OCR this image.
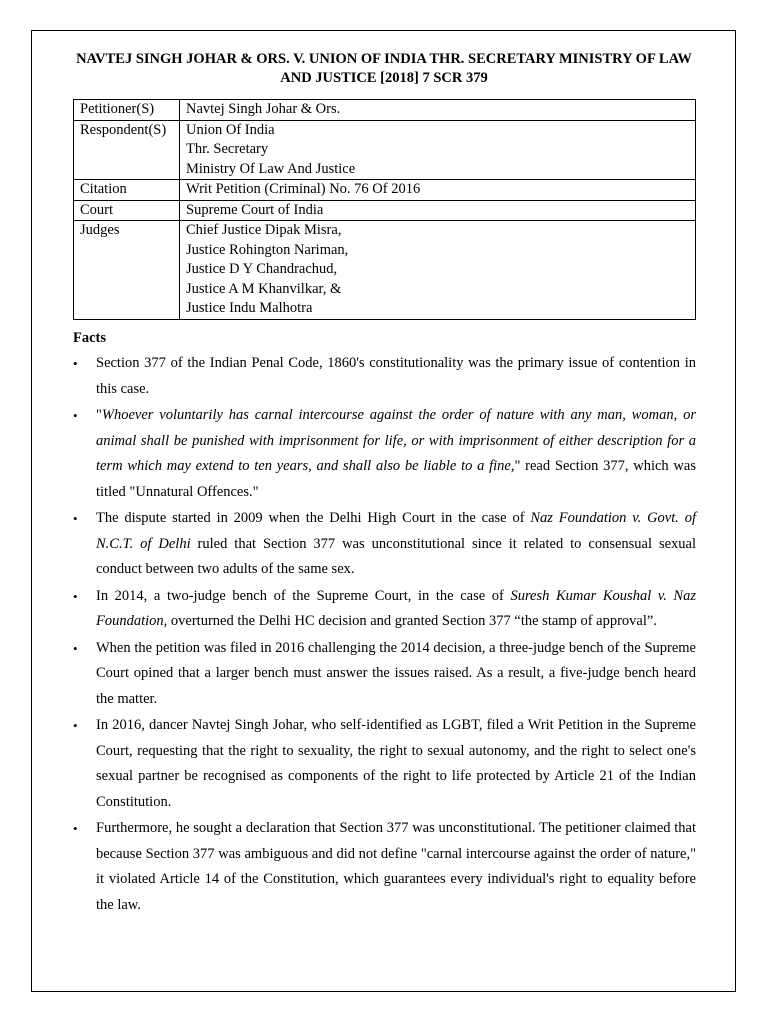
NAVTEJ SINGH JOHAR & ORS. V. UNION OF INDIA THR. SECRETARY MINISTRY OF LAW AND JUSTICE [2018] 7 SCR 379
Petitioner(S)	Navtej Singh Johar & Ors.

Respondent(S)	Union Of India
Thr. Secretary
Ministry Of Law And Justice

Citation	Writ Petition (Criminal) No. 76 Of 2016

Court	Supreme Court of India

Judges	Chief Justice Dipak Misra,
Justice Rohington Nariman,
Justice D Y Chandrachud,
Justice A M Khanvilkar, &
Justice Indu Malhotra
Facts
• Section 377 of the Indian Penal Code, 1860's constitutionality was the primary issue of contention in this case.

• "Whoever voluntarily has carnal intercourse against the order of nature with any man, woman, or animal shall be punished with imprisonment for life, or with imprisonment of either description for a term which may extend to ten years, and shall also be liable to a fine," read Section 377, which was titled "Unnatural Offences."

• The dispute started in 2009 when the Delhi High Court in the case of Naz Foundation v. Govt. of N.C.T. of Delhi ruled that Section 377 was unconstitutional since it related to consensual sexual conduct between two adults of the same sex.

• In 2014, a two-judge bench of the Supreme Court, in the case of Suresh Kumar Koushal v. Naz Foundation, overturned the Delhi HC decision and granted Section 377 “the stamp of approval”.

• When the petition was filed in 2016 challenging the 2014 decision, a three-judge bench of the Supreme Court opined that a larger bench must answer the issues raised. As a result, a five-judge bench heard the matter.

• In 2016, dancer Navtej Singh Johar, who self-identified as LGBT, filed a Writ Petition in the Supreme Court, requesting that the right to sexuality, the right to sexual autonomy, and the right to select one's sexual partner be recognised as components of the right to life protected by Article 21 of the Indian Constitution.

• Furthermore, he sought a declaration that Section 377 was unconstitutional. The petitioner claimed that because Section 377 was ambiguous and did not define "carnal intercourse against the order of nature," it violated Article 14 of the Constitution, which guarantees every individual's right to equality before the law.
